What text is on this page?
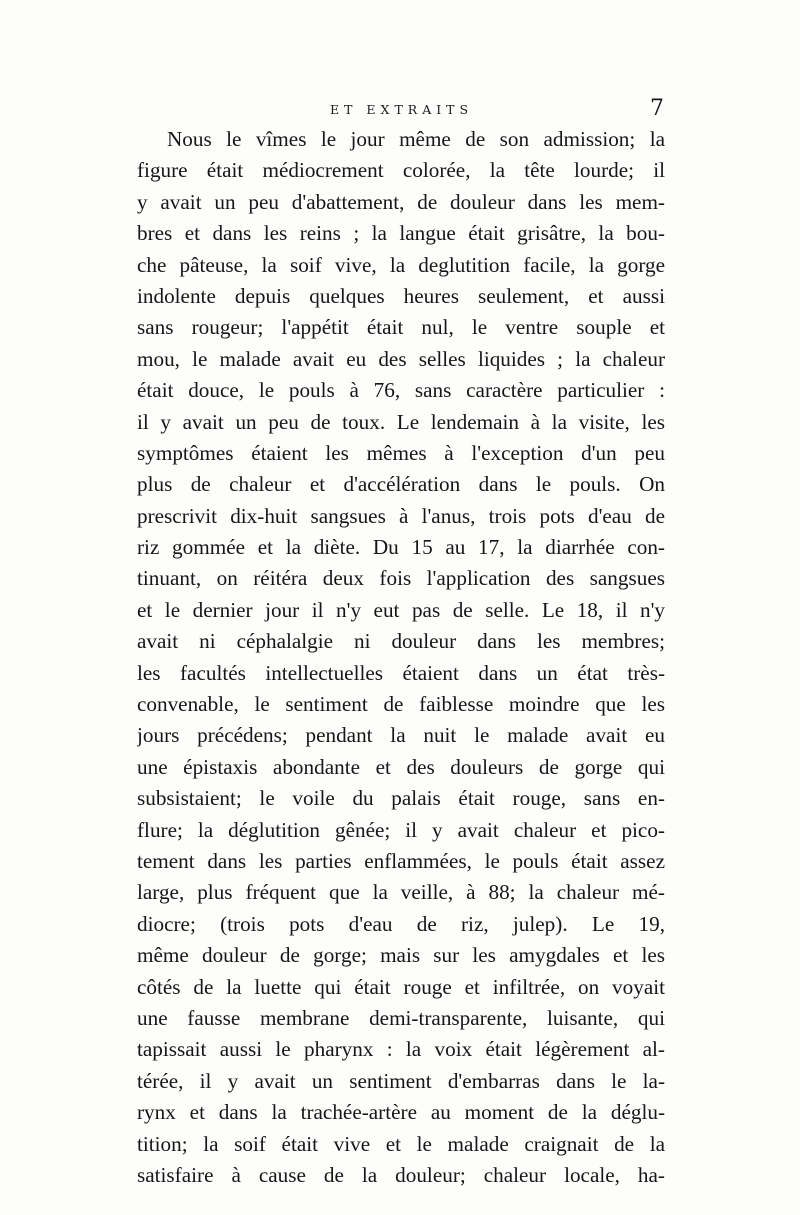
ET EXTRAITS	7
Nous le vîmes le jour même de son admission; la
figure était médiocrement colorée, la tête lourde; il
y avait un peu d'abattement, de douleur dans les mem-
bres et dans les reins ; la langue était grisâtre, la bou-
che pâteuse, la soif vive, la deglutition facile, la gorge
indolente depuis quelques heures seulement, et aussi
sans rougeur; l'appétit était nul, le ventre souple et
mou, le malade avait eu des selles liquides ; la chaleur
était douce, le pouls à 76, sans caractère particulier :
il y avait un peu de toux. Le lendemain à la visite, les
symptômes étaient les mêmes à l'exception d'un peu
plus de chaleur et d'accélération dans le pouls. On
prescrivit dix-huit sangsues à l'anus, trois pots d'eau de
riz gommée et la diète. Du 15 au 17, la diarrhée con-
tinuant, on réitéra deux fois l'application des sangsues
et le dernier jour il n'y eut pas de selle. Le 18, il n'y
avait ni céphalalgie ni douleur dans les membres;
les facultés intellectuelles étaient dans un état très-
convenable, le sentiment de faiblesse moindre que les
jours précédens; pendant la nuit le malade avait eu
une épistaxis abondante et des douleurs de gorge qui
subsistaient; le voile du palais était rouge, sans en-
flure; la déglutition gênée; il y avait chaleur et pico-
tement dans les parties enflammées, le pouls était assez
large, plus fréquent que la veille, à 88; la chaleur mé-
diocre; (trois pots d'eau de riz, julep). Le 19,
même douleur de gorge; mais sur les amygdales et les
côtés de la luette qui était rouge et infiltrée, on voyait
une fausse membrane demi-transparente, luisante, qui
tapissait aussi le pharynx : la voix était légèrement al-
térée, il y avait un sentiment d'embarras dans le la-
rynx et dans la trachée-artère au moment de la déglu-
tition; la soif était vive et le malade craignait de la
satisfaire à cause de la douleur; chaleur locale, ha-
